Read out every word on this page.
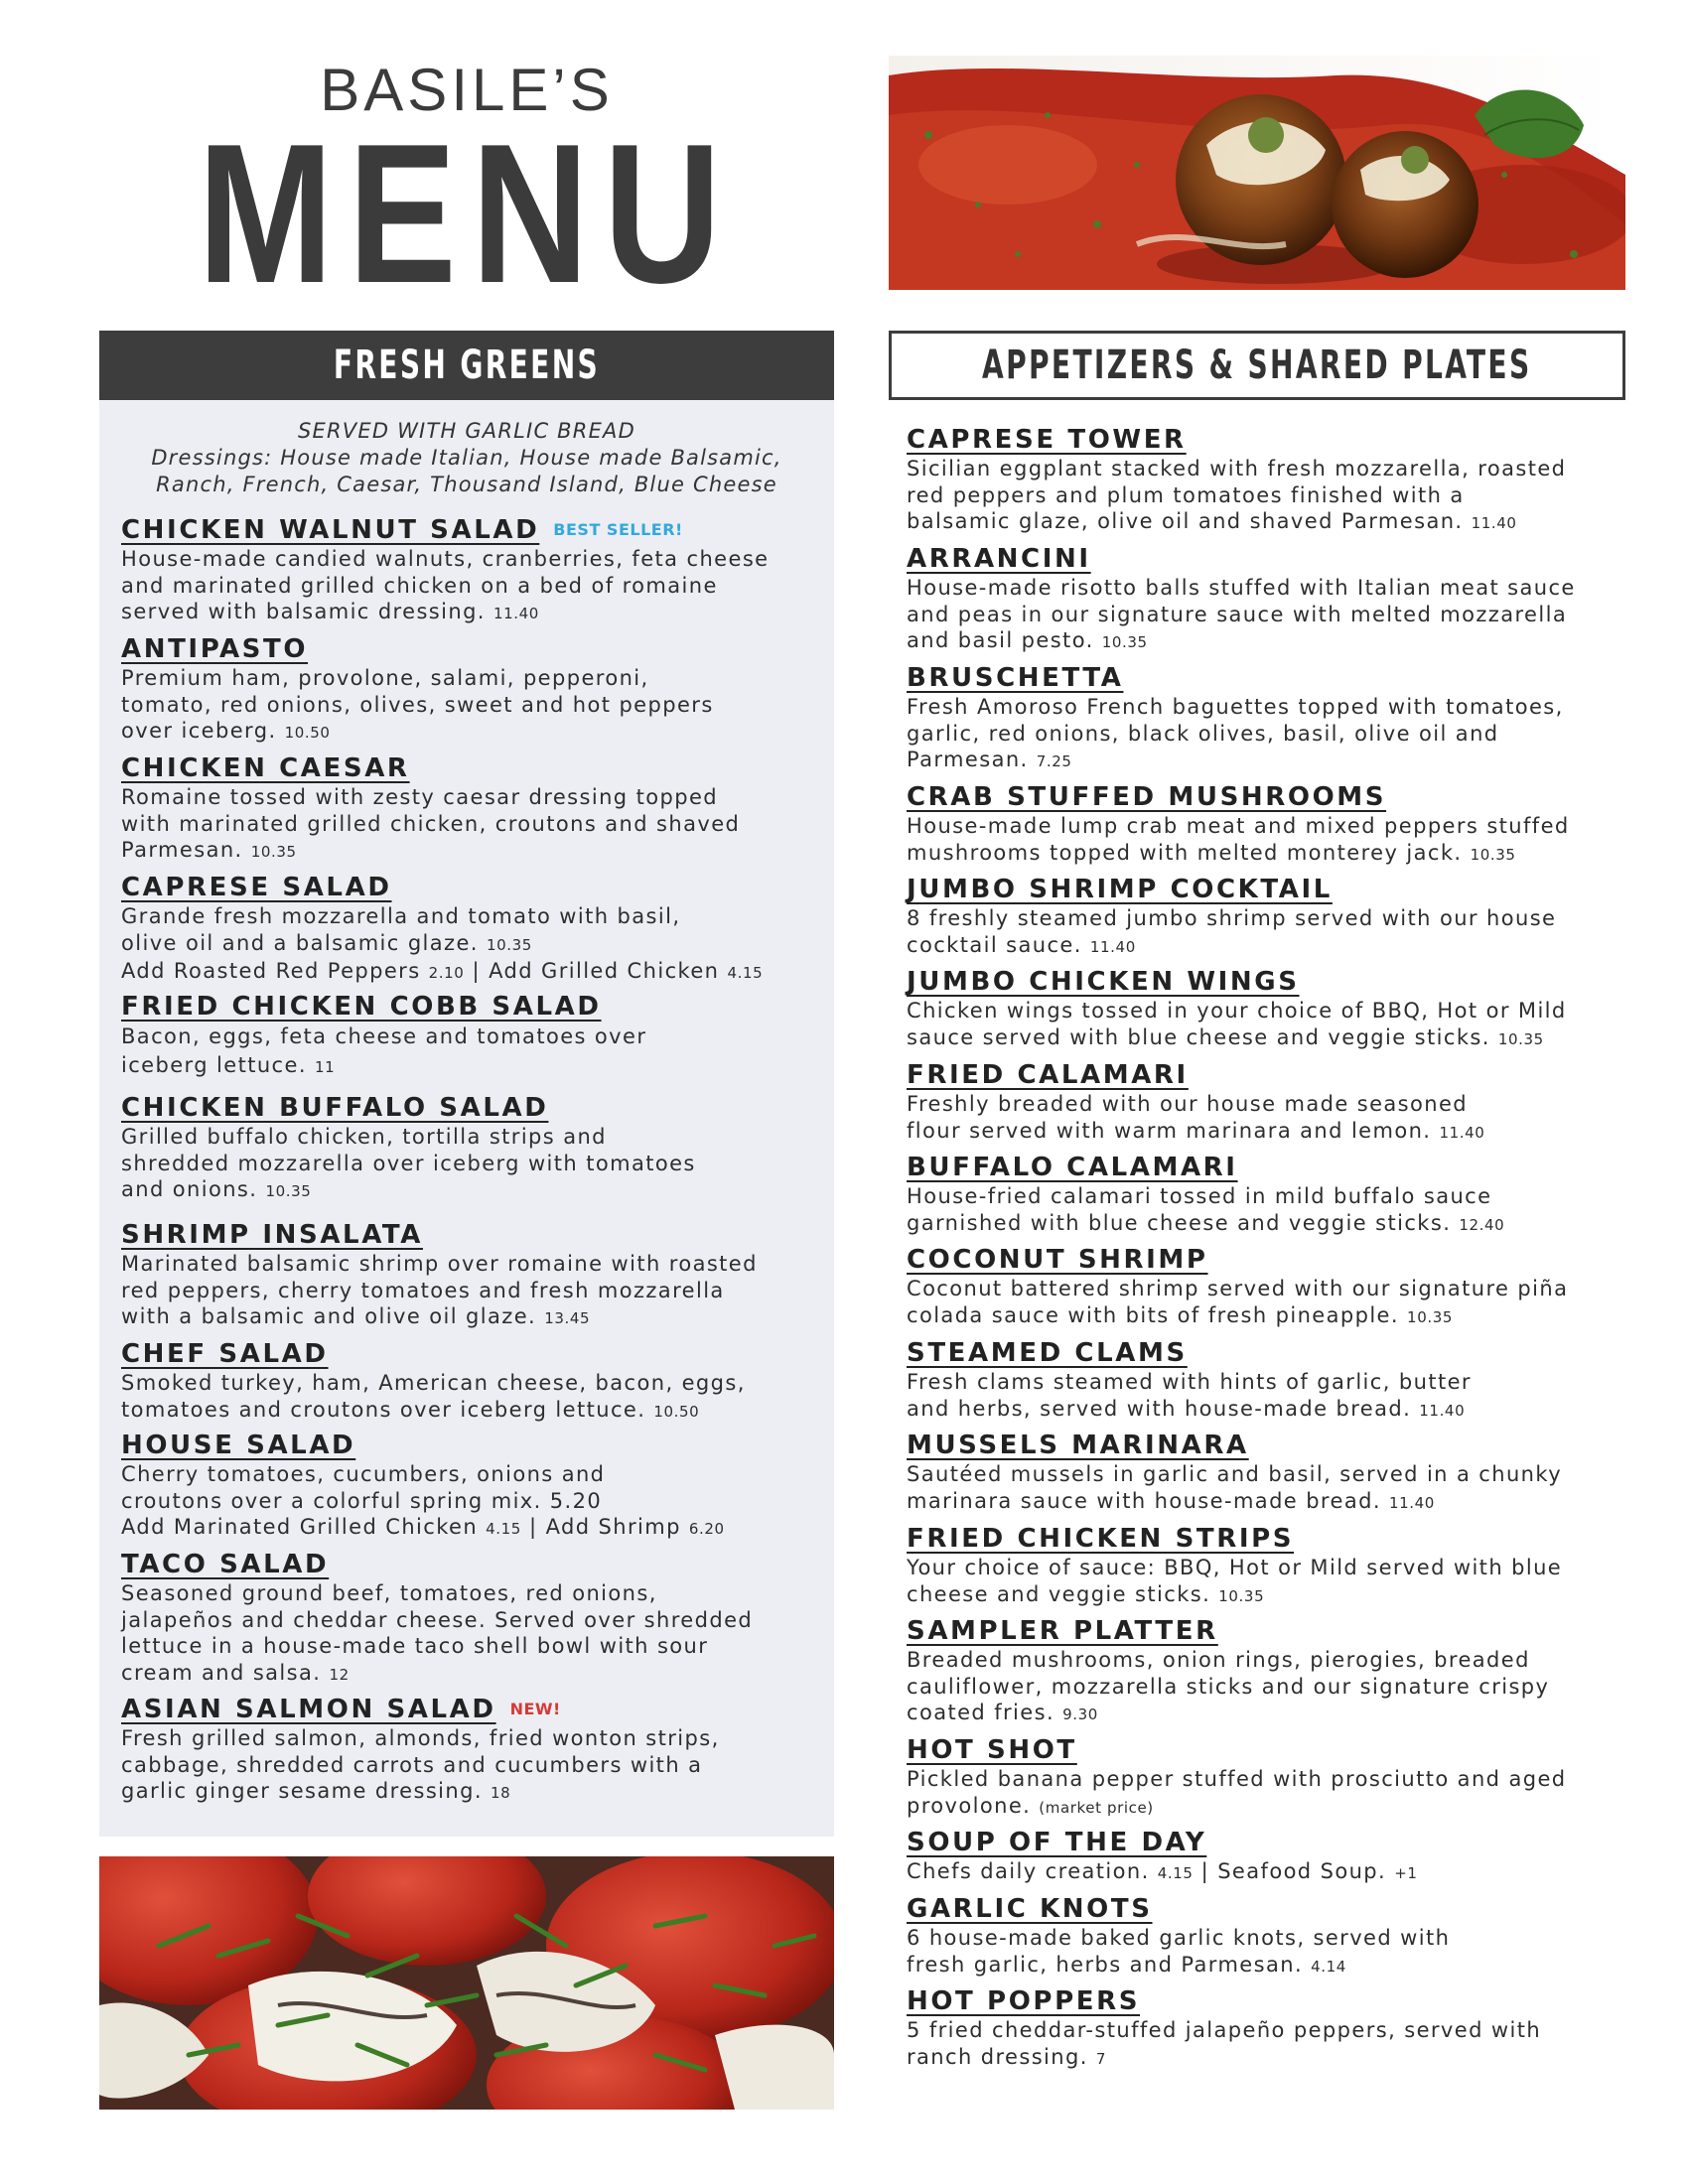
BASILE’S
MENU
FRESH GREENS	APPETIZERS & SHARED PLATES
SERVED WITH GARLIC BREAD
Dressings: House made Italian, House made Balsamic,
Ranch, French, Caesar, Thousand Island, Blue Cheese
CHICKEN WALNUT SALAD BEST SELLER!
House-made candied walnuts, cranberries, feta cheese
and marinated grilled chicken on a bed of romaine
served with balsamic dressing. 11.40
ANTIPASTO
Premium ham, provolone, salami, pepperoni,
tomato, red onions, olives, sweet and hot peppers
over iceberg. 10.50
CHICKEN CAESAR
Romaine tossed with zesty caesar dressing topped
with marinated grilled chicken, croutons and shaved
Parmesan. 10.35
CAPRESE SALAD
Grande fresh mozzarella and tomato with basil,
olive oil and a balsamic glaze. 10.35
Add Roasted Red Peppers 2.10 | Add Grilled Chicken 4.15
FRIED CHICKEN COBB SALAD
Bacon, eggs, feta cheese and tomatoes over
iceberg lettuce. 11
CHICKEN BUFFALO SALAD
Grilled buffalo chicken, tortilla strips and
shredded mozzarella over iceberg with tomatoes
and onions. 10.35
SHRIMP INSALATA
Marinated balsamic shrimp over romaine with roasted
red peppers, cherry tomatoes and fresh mozzarella
with a balsamic and olive oil glaze. 13.45
CHEF SALAD
Smoked turkey, ham, American cheese, bacon, eggs,
tomatoes and croutons over iceberg lettuce. 10.50
HOUSE SALAD
Cherry tomatoes, cucumbers, onions and
croutons over a colorful spring mix. 5.20
Add Marinated Grilled Chicken 4.15 | Add Shrimp 6.20
TACO SALAD
Seasoned ground beef, tomatoes, red onions,
jalapeños and cheddar cheese. Served over shredded
lettuce in a house-made taco shell bowl with sour
cream and salsa. 12
ASIAN SALMON SALAD NEW!
Fresh grilled salmon, almonds, fried wonton strips,
cabbage, shredded carrots and cucumbers with a
garlic ginger sesame dressing. 18
CAPRESE TOWER
Sicilian eggplant stacked with fresh mozzarella, roasted
red peppers and plum tomatoes finished with a
balsamic glaze, olive oil and shaved Parmesan. 11.40
ARRANCINI
House-made risotto balls stuffed with Italian meat sauce
and peas in our signature sauce with melted mozzarella
and basil pesto. 10.35
BRUSCHETTA
Fresh Amoroso French baguettes topped with tomatoes,
garlic, red onions, black olives, basil, olive oil and
Parmesan. 7.25
CRAB STUFFED MUSHROOMS
House-made lump crab meat and mixed peppers stuffed
mushrooms topped with melted monterey jack. 10.35
JUMBO SHRIMP COCKTAIL
8 freshly steamed jumbo shrimp served with our house
cocktail sauce. 11.40
JUMBO CHICKEN WINGS
Chicken wings tossed in your choice of BBQ, Hot or Mild
sauce served with blue cheese and veggie sticks. 10.35
FRIED CALAMARI
Freshly breaded with our house made seasoned
flour served with warm marinara and lemon. 11.40
BUFFALO CALAMARI
House-fried calamari tossed in mild buffalo sauce
garnished with blue cheese and veggie sticks. 12.40
COCONUT SHRIMP
Coconut battered shrimp served with our signature piña
colada sauce with bits of fresh pineapple. 10.35
STEAMED CLAMS
Fresh clams steamed with hints of garlic, butter
and herbs, served with house-made bread. 11.40
MUSSELS MARINARA
Sautéed mussels in garlic and basil, served in a chunky
marinara sauce with house-made bread. 11.40
FRIED CHICKEN STRIPS
Your choice of sauce: BBQ, Hot or Mild served with blue
cheese and veggie sticks. 10.35
SAMPLER PLATTER
Breaded mushrooms, onion rings, pierogies, breaded
cauliflower, mozzarella sticks and our signature crispy
coated fries. 9.30
HOT SHOT
Pickled banana pepper stuffed with prosciutto and aged
provolone. (market price)
SOUP OF THE DAY
Chefs daily creation. 4.15 | Seafood Soup. +1
GARLIC KNOTS
6 house-made baked garlic knots, served with
fresh garlic, herbs and Parmesan. 4.14
HOT POPPERS
5 fried cheddar-stuffed jalapeño peppers, served with
ranch dressing. 7
